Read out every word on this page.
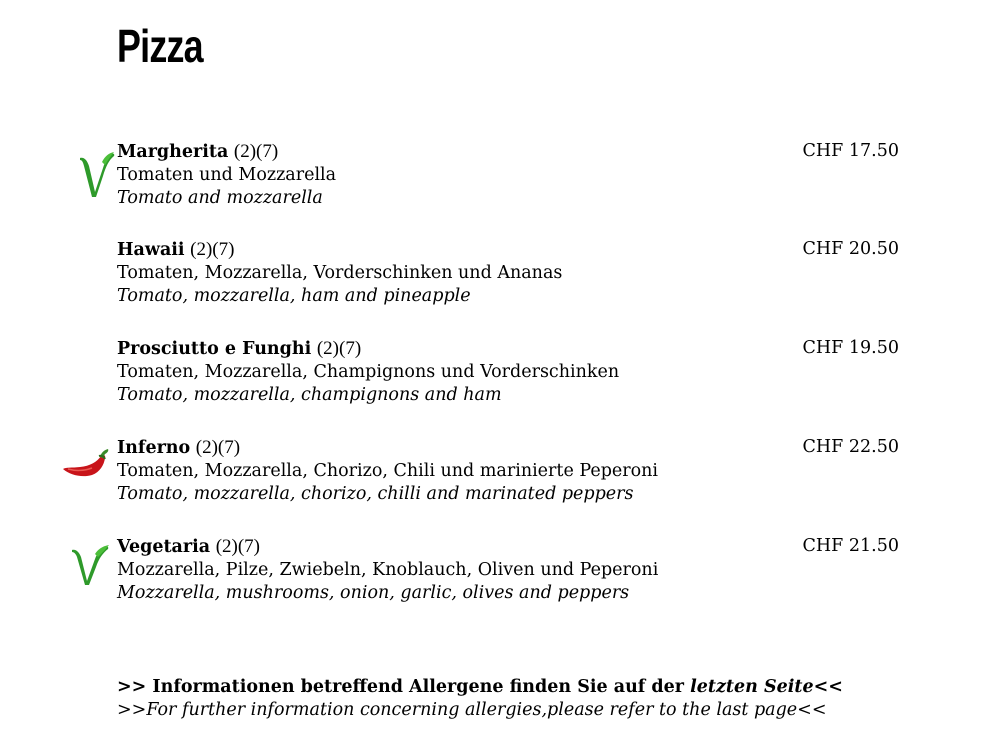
Pizza
Margherita (2)(7)	CHF 17.50
Tomaten und Mozzarella
Tomato and mozzarella
Hawaii (2)(7)	CHF 20.50
Tomaten, Mozzarella, Vorderschinken und Ananas
Tomato, mozzarella, ham and pineapple
Prosciutto e Funghi (2)(7)	CHF 19.50
Tomaten, Mozzarella, Champignons und Vorderschinken
Tomato, mozzarella, champignons and ham
Inferno (2)(7)	CHF 22.50
Tomaten, Mozzarella, Chorizo, Chili und marinierte Peperoni
Tomato, mozzarella, chorizo, chilli and marinated peppers
Vegetaria (2)(7)	CHF 21.50
Mozzarella, Pilze, Zwiebeln, Knoblauch, Oliven und Peperoni
Mozzarella, mushrooms, onion, garlic, olives and peppers
>> Informationen betreffend Allergene finden Sie auf der letzten Seite<<
>>For further information concerning allergies,please refer to the last page<<
